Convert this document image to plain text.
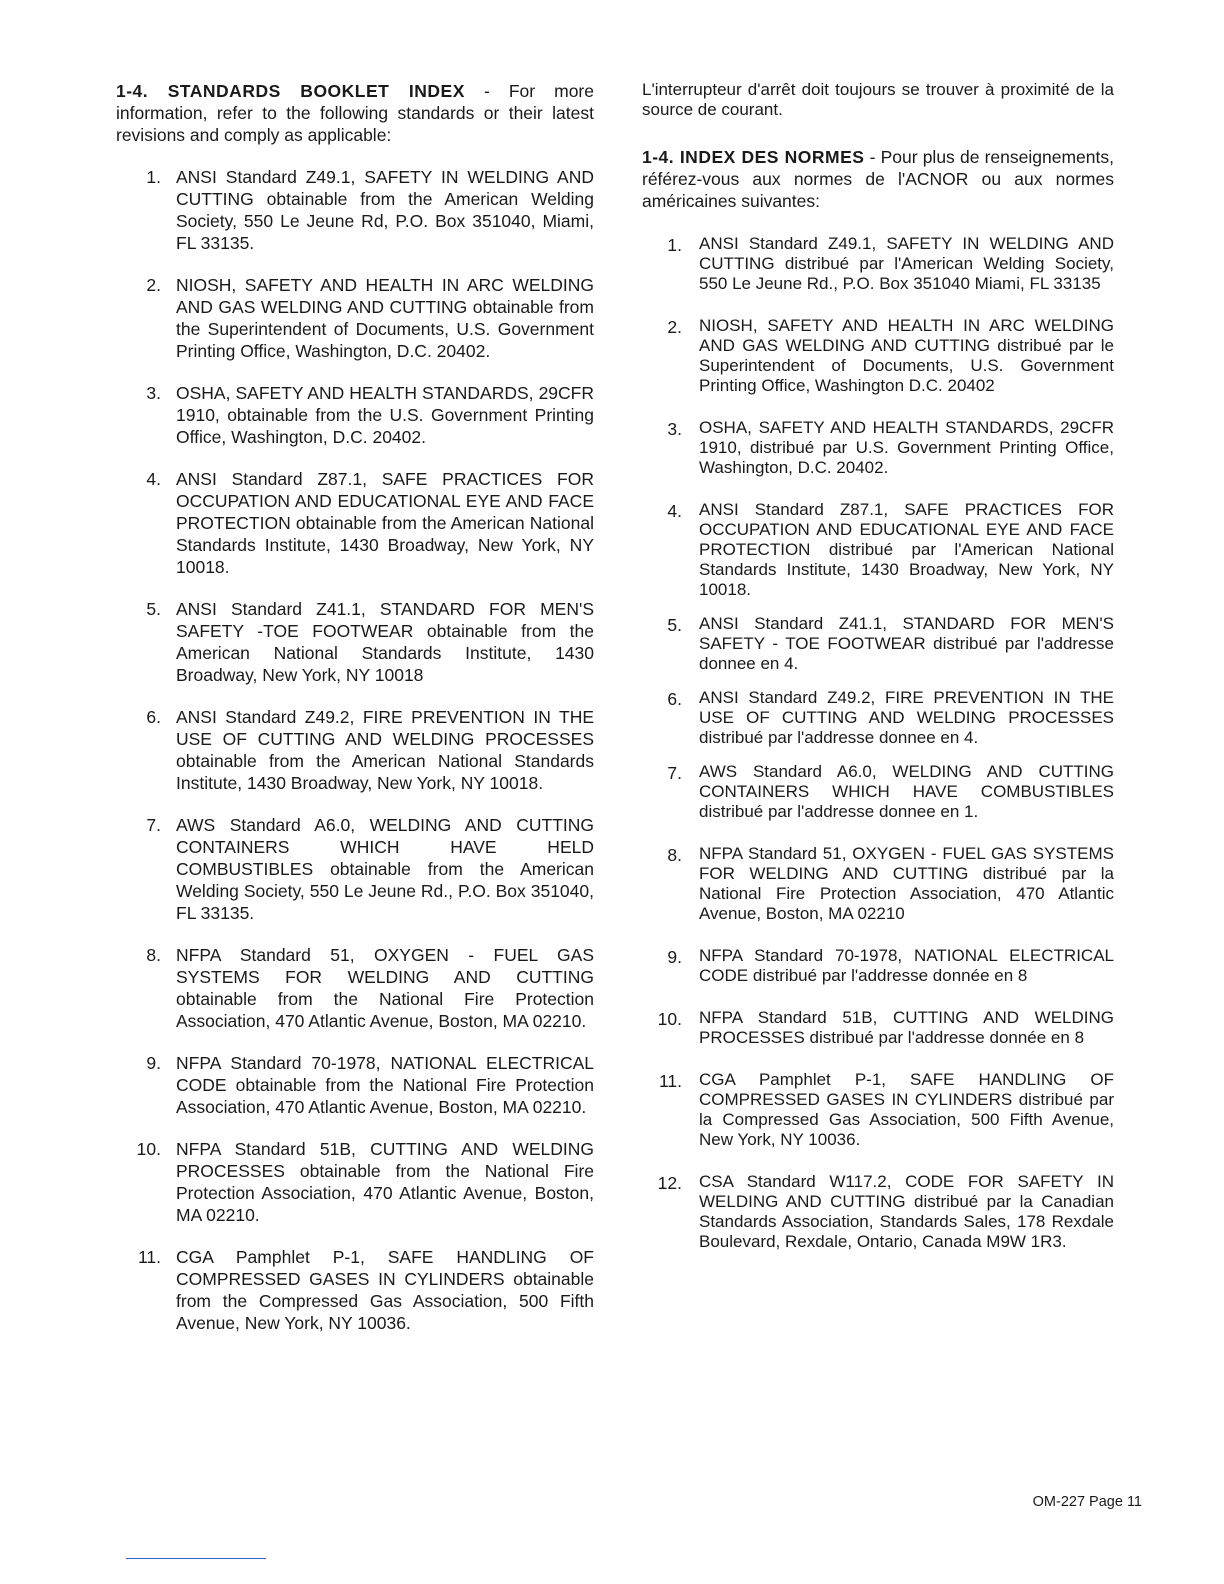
1-4. STANDARDS BOOKLET INDEX - For more information, refer to the following standards or their latest revisions and comply as applicable:

1. ANSI Standard Z49.1, SAFETY IN WELDING AND CUTTING obtainable from the American Welding Society, 550 Le Jeune Rd, P.O. Box 351040, Miami, FL 33135.
2. NIOSH, SAFETY AND HEALTH IN ARC WELDING AND GAS WELDING AND CUTTING obtainable from the Superintendent of Documents, U.S. Government Printing Office, Washington, D.C. 20402.
3. OSHA, SAFETY AND HEALTH STANDARDS, 29CFR 1910, obtainable from the U.S. Government Printing Office, Washington, D.C. 20402.
4. ANSI Standard Z87.1, SAFE PRACTICES FOR OCCUPATION AND EDUCATIONAL EYE AND FACE PROTECTION obtainable from the American National Standards Institute, 1430 Broadway, New York, NY 10018.
5. ANSI Standard Z41.1, STANDARD FOR MEN'S SAFETY -TOE FOOTWEAR obtainable from the American National Standards Institute, 1430 Broadway, New York, NY 10018
6. ANSI Standard Z49.2, FIRE PREVENTION IN THE USE OF CUTTING AND WELDING PROCESSES obtainable from the American National Standards Institute, 1430 Broadway, New York, NY 10018.
7. AWS Standard A6.0, WELDING AND CUTTING CONTAINERS WHICH HAVE HELD COMBUSTIBLES obtainable from the American Welding Society, 550 Le Jeune Rd., P.O. Box 351040, FL 33135.
8. NFPA Standard 51, OXYGEN - FUEL GAS SYSTEMS FOR WELDING AND CUTTING obtainable from the National Fire Protection Association, 470 Atlantic Avenue, Boston, MA 02210.
9. NFPA Standard 70-1978, NATIONAL ELECTRICAL CODE obtainable from the National Fire Protection Association, 470 Atlantic Avenue, Boston, MA 02210.
10. NFPA Standard 51B, CUTTING AND WELDING PROCESSES obtainable from the National Fire Protection Association, 470 Atlantic Avenue, Boston, MA 02210.
11. CGA Pamphlet P-1, SAFE HANDLING OF COMPRESSED GASES IN CYLINDERS obtainable from the Compressed Gas Association, 500 Fifth Avenue, New York, NY 10036.

L'interrupteur d'arrêt doit toujours se trouver à proximité de la source de courant.

1-4. INDEX DES NORMES - Pour plus de renseignements, référez-vous aux normes de l'ACNOR ou aux normes américaines suivantes:

1. ANSI Standard Z49.1, SAFETY IN WELDING AND CUTTING distribué par l'American Welding Society, 550 Le Jeune Rd., P.O. Box 351040 Miami, FL 33135
2. NIOSH, SAFETY AND HEALTH IN ARC WELDING AND GAS WELDING AND CUTTING distribué par le Superintendent of Documents, U.S. Government Printing Office, Washington D.C. 20402
3. OSHA, SAFETY AND HEALTH STANDARDS, 29CFR 1910, distribué par U.S. Government Printing Office, Washington, D.C. 20402.
4. ANSI Standard Z87.1, SAFE PRACTICES FOR OCCUPATION AND EDUCATIONAL EYE AND FACE PROTECTION distribué par l'American National Standards Institute, 1430 Broadway, New York, NY 10018.
5. ANSI Standard Z41.1, STANDARD FOR MEN'S SAFETY - TOE FOOTWEAR distribué par l'addresse donnee en 4.
6. ANSI Standard Z49.2, FIRE PREVENTION IN THE USE OF CUTTING AND WELDING PROCESSES distribué par l'addresse donnee en 4.
7. AWS Standard A6.0, WELDING AND CUTTING CONTAINERS WHICH HAVE COMBUSTIBLES distribué par l'addresse donnee en 1.
8. NFPA Standard 51, OXYGEN - FUEL GAS SYSTEMS FOR WELDING AND CUTTING distribué par la National Fire Protection Association, 470 Atlantic Avenue, Boston, MA 02210
9. NFPA Standard 70-1978, NATIONAL ELECTRICAL CODE distribué par l'addresse donnée en 8
10. NFPA Standard 51B, CUTTING AND WELDING PROCESSES distribué par l'addresse donnée en 8
11. CGA Pamphlet P-1, SAFE HANDLING OF COMPRESSED GASES IN CYLINDERS distribué par la Compressed Gas Association, 500 Fifth Avenue, New York, NY 10036.
12. CSA Standard W117.2, CODE FOR SAFETY IN WELDING AND CUTTING distribué par la Canadian Standards Association, Standards Sales, 178 Rexdale Boulevard, Rexdale, Ontario, Canada M9W 1R3.
OM-227 Page 11
